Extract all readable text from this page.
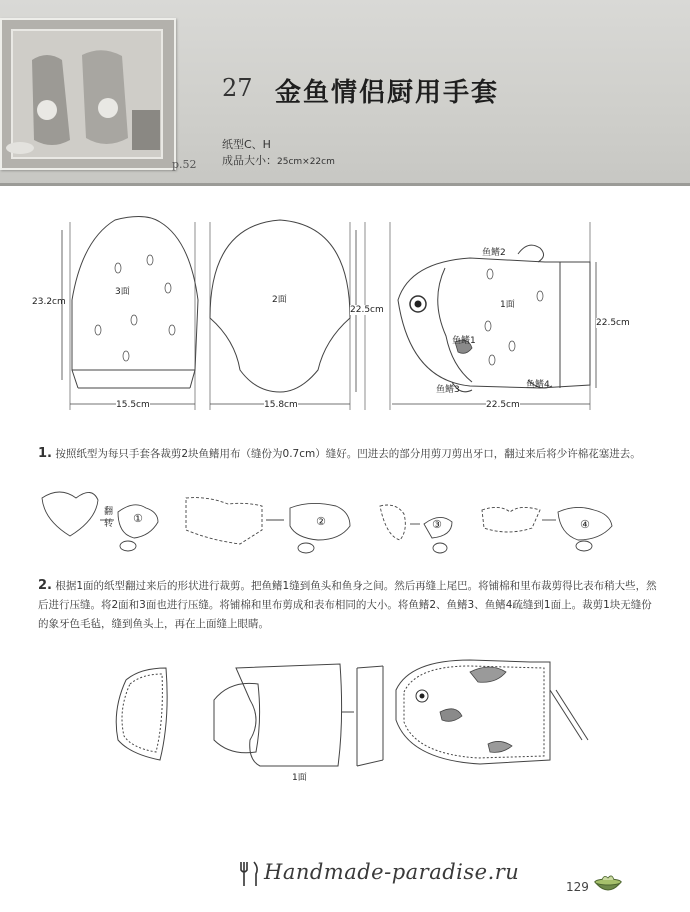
p.52
27 金鱼情侣厨用手套
纸型C、H
成品大小：25cm×22cm
3面
23.2cm
15.5cm
2面
22.5cm
15.8cm
1面
22.5cm
22.5cm
鱼鳍1
鱼鳍2
鱼鳍3	鱼鳍4
1. 按照纸型为每只手套各裁剪2块鱼鳍用布（缝份为0.7cm）缝好。凹进去的部分用剪刀剪出牙口，翻过来后将少许棉花塞进去。
翻
转 ①	②	③	④
2. 根据1面的纸型翻过来后的形状进行裁剪。把鱼鳍1缝到鱼头和鱼身之间。然后再缝上尾巴。将铺棉和里布裁剪得比表布稍大些，然后进行压缝。将2面和3面也进行压缝。将铺棉和里布剪成和表布相同的大小。将鱼鳍2、鱼鳍3、鱼鳍4疏缝到1面上。裁剪1块无缝份的象牙色毛毡，缝到鱼头上，再在上面缝上眼睛。
1面
Handmade-paradise.ru
129
